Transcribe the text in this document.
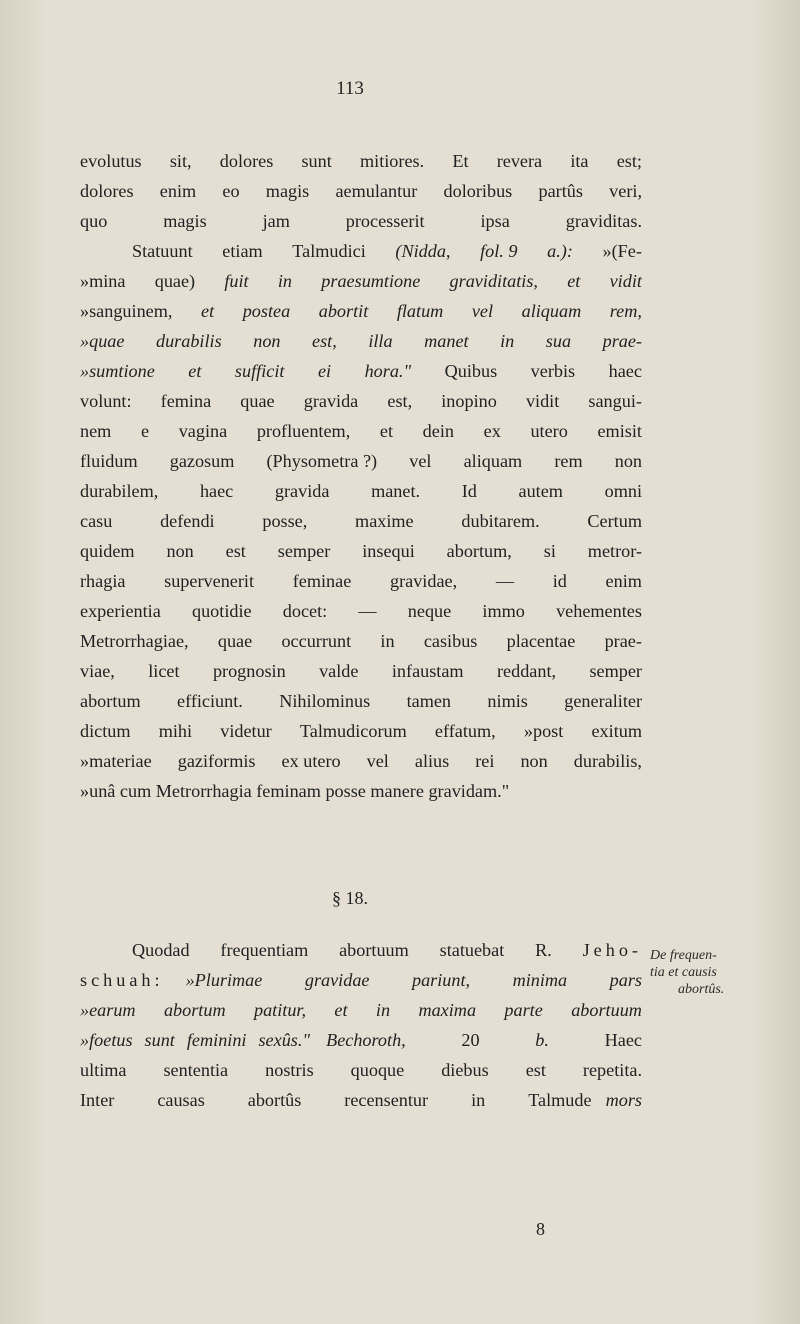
113
evolutus sit, dolores sunt mitiores. Et revera ita est;
dolores enim eo magis aemulantur doloribus partûs veri,
quo	magis	jam	processerit	ipsa	graviditas.
Statuunt etiam Talmudici (Nidda, fol. 9 a.): »(Fe-
»mina quae) fuit in praesumtione graviditatis, et vidit
»sanguinem, et postea abortit flatum vel aliquam rem,
»quae durabilis non est, illa manet in sua prae-
»sumtione et sufficit ei hora." Quibus verbis haec
volunt: femina quae gravida est, inopino vidit sangui-
nem e vagina profluentem, et dein ex utero emisit
fluidum gazosum (Physometra ?) vel aliquam rem non
durabilem, haec gravida manet. Id autem omni
casu	defendi	posse,	maxime	dubitarem.	Certum
quidem non est semper insequi abortum, si metror-
rhagia supervenerit feminae gravidae, — id enim
experientia quotidie docet: — neque immo vehementes
Metrorrhagiae, quae occurrunt in casibus placentae prae-
viae, licet prognosin valde infaustam reddant, semper
abortum efficiunt. Nihilominus tamen nimis generaliter
dictum mihi videtur Talmudicorum effatum, »post exitum
»materiae gaziformis ex utero vel alius rei non durabilis,
»unâ cum Metrorrhagia feminam posse manere gravidam."
§ 18.
Quodad frequentiam abortuum statuebat R. Jeho-
schuah: »Plurimae gravidae pariunt, minima pars
»earum abortum patitur, et in maxima parte abortuum
»foetus sunt feminini sexûs." Bechoroth,	20	b.	Haec
ultima sententia nostris quoque diebus est repetita.
Inter causas abortûs recensentur in Talmude mors
De frequen-
tia et causis
abortûs.
8
